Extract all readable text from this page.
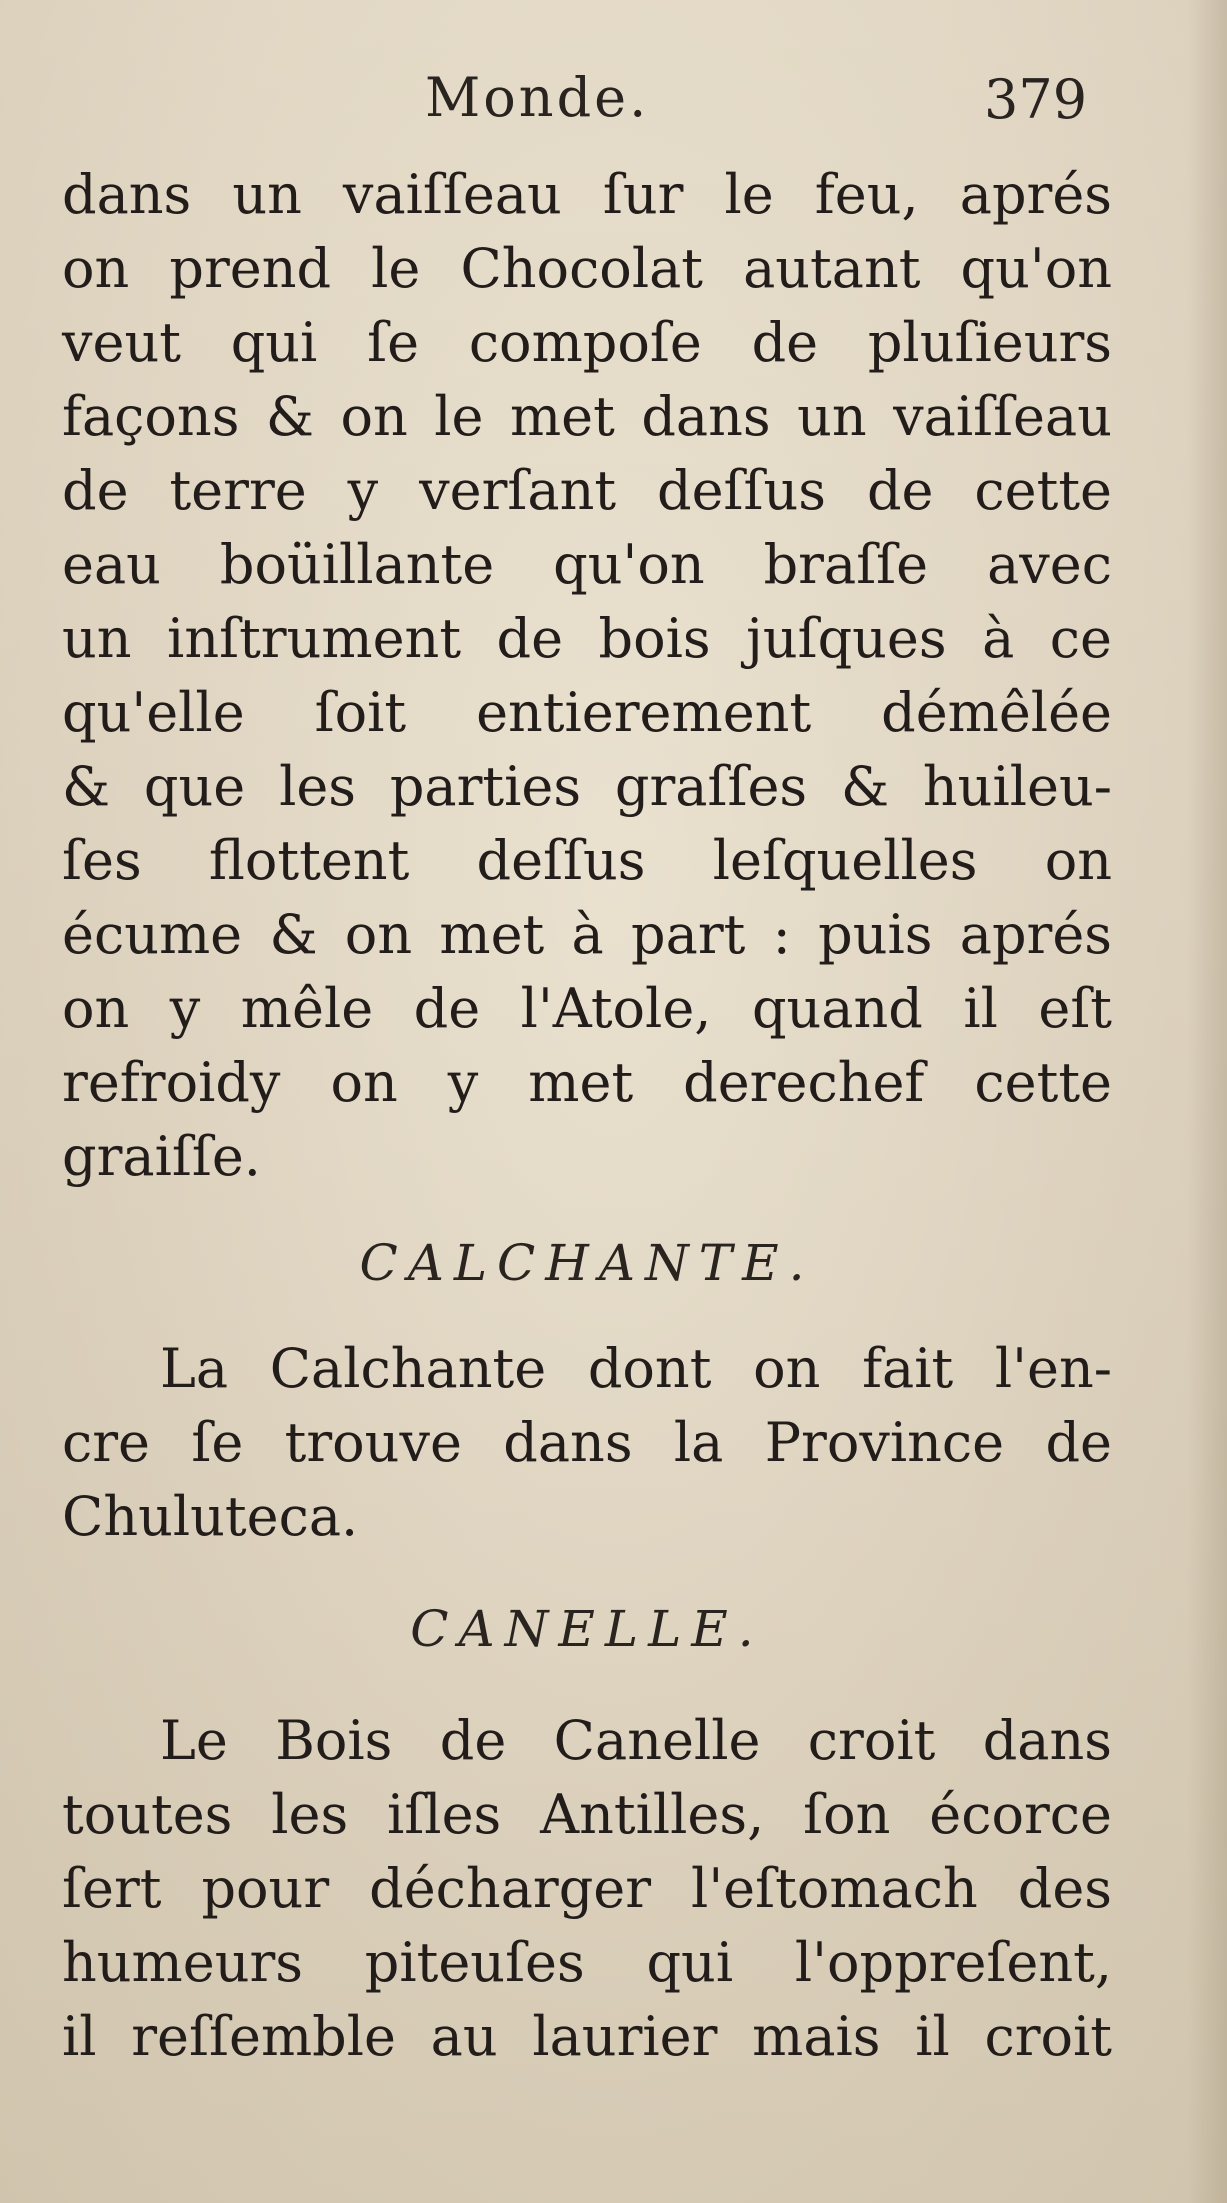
Monde.	379
dans un vaiſſeau ſur le feu, aprés
on prend le Chocolat autant qu'on
veut qui ſe compoſe de pluſieurs
façons & on le met dans un vaiſſeau
de terre y verſant deſſus de cette
eau boüillante qu'on braſſe avec
un inſtrument de bois juſques à ce
qu'elle ſoit entierement démêlée
& que les parties graſſes & huileu-
ſes flottent deſſus leſquelles on
écume & on met à part : puis aprés
on y mêle de l'Atole, quand il eſt
refroidy on y met derechef cette
graiſſe.
CALCHANTE.
La Calchante dont on fait l'en-
cre ſe trouve dans la Province de
Chuluteca.
CANELLE.
Le Bois de Canelle croit dans
toutes les iſles Antilles, ſon écorce
ſert pour décharger l'eſtomach des
humeurs piteuſes qui l'oppreſent,
il reſſemble au laurier mais il croit
